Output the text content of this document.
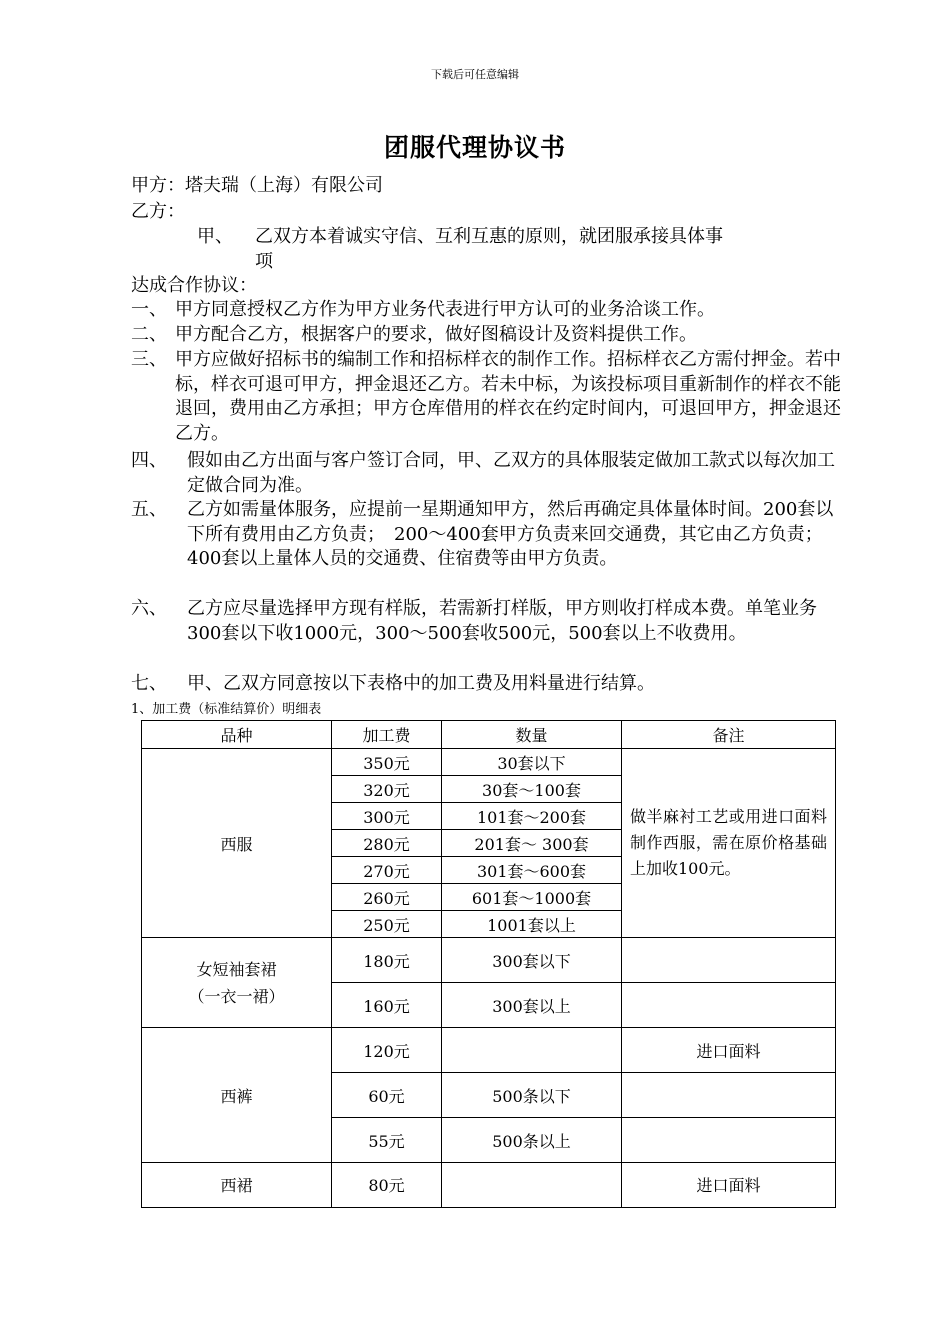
下载后可任意编辑
团服代理协议书
甲方：塔夫瑞（上海）有限公司
乙方：
甲、 乙双方本着诚实守信、互利互惠的原则，就团服承接具体事
项
达成合作协议：
一、 甲方同意授权乙方作为甲方业务代表进行甲方认可的业务洽谈工作。
二、 甲方配合乙方，根据客户的要求，做好图稿设计及资料提供工作。
三、 甲方应做好招标书的编制工作和招标样衣的制作工作。招标样衣乙方需付押金。若中标，样衣可退可甲方，押金退还乙方。若未中标，为该投标项目重新制作的样衣不能退回，费用由乙方承担；甲方仓库借用的样衣在约定时间内，可退回甲方，押金退还乙方。
四、 假如由乙方出面与客户签订合同，甲、乙双方的具体服装定做加工款式以每次加工定做合同为准。
五、 乙方如需量体服务，应提前一星期通知甲方，然后再确定具体量体时间。200套以下所有费用由乙方负责；　200～400套甲方负责来回交通费，其它由乙方负责；　400套以上量体人员的交通费、住宿费等由甲方负责。
六、 乙方应尽量选择甲方现有样版，若需新打样版，甲方则收打样成本费。单笔业务300套以下收1000元，300～500套收500元，500套以上不收费用。
七、 甲、乙双方同意按以下表格中的加工费及用料量进行结算。
1、加工费（标准结算价）明细表
品种	加工费	数量	备注
西服	350元	30套以下	做半麻衬工艺或用进口面料制作西服，需在原价格基础上加收100元。
	320元	30套～100套	
	300元	101套～200套	
	280元	201套～ 300套	
	270元	301套～600套	
	260元	601套～1000套	
	250元	1001套以上	

女短袖套裙
（一衣一裙）	180元	300套以下	
	160元	300套以上	
西裤	120元		进口面料
	60元	500条以下	
	55元	500条以上	
西裙	80元		进口面料
